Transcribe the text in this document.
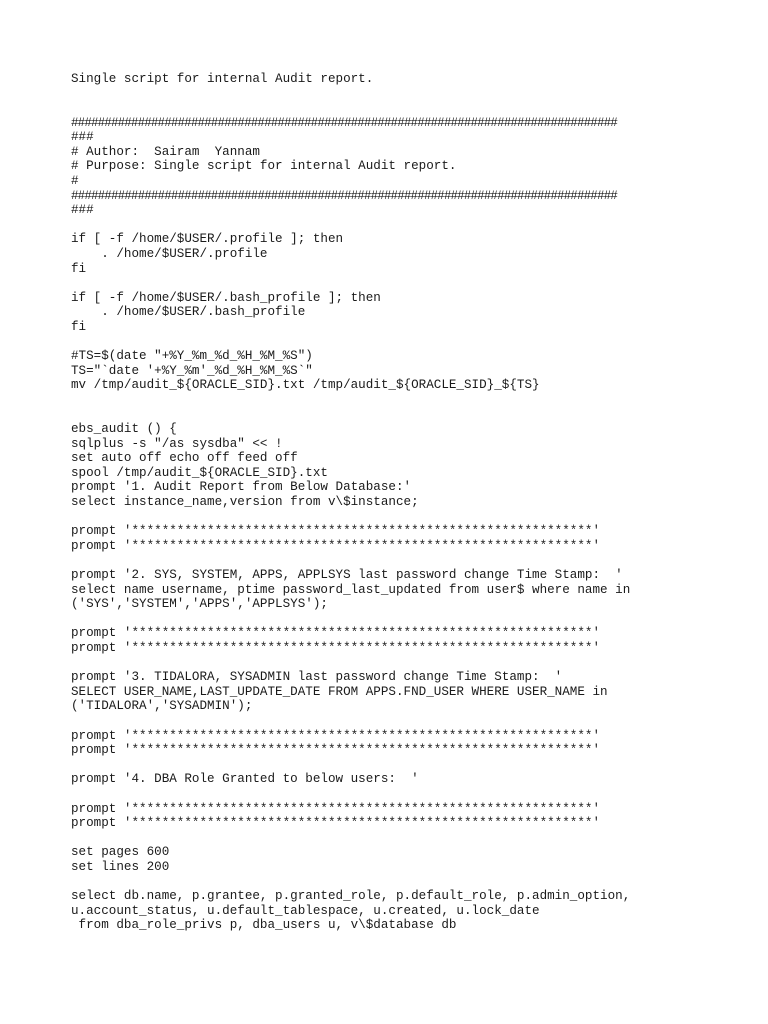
Single script for internal Audit report.
##################################################################################
###
# Author:  Sairam  Yannam
# Purpose: Single script for internal Audit report.
#
##################################################################################
###
if [ -f /home/$USER/.profile ]; then
. /home/$USER/.profile
fi
if [ -f /home/$USER/.bash_profile ]; then
. /home/$USER/.bash_profile
fi
#TS=$(date "+%Y_%m_%d_%H_%M_%S")
TS="`date '+%Y_%m'_%d_%H_%M_%S`"
mv /tmp/audit_${ORACLE_SID}.txt /tmp/audit_${ORACLE_SID}_${TS}
ebs_audit () {
sqlplus -s "/as sysdba" << !
set auto off echo off feed off
spool /tmp/audit_${ORACLE_SID}.txt
prompt '1. Audit Report from Below Database:'
select instance_name,version from v\$instance;
prompt '*************************************************************'
prompt '*************************************************************'
prompt '2. SYS, SYSTEM, APPS, APPLSYS last password change Time Stamp:  '
select name username, ptime password_last_updated from user$ where name in
('SYS','SYSTEM','APPS','APPLSYS');
prompt '*************************************************************'
prompt '*************************************************************'
prompt '3. TIDALORA, SYSADMIN last password change Time Stamp:  '
SELECT USER_NAME,LAST_UPDATE_DATE FROM APPS.FND_USER WHERE USER_NAME in
('TIDALORA','SYSADMIN');
prompt '*************************************************************'
prompt '*************************************************************'
prompt '4. DBA Role Granted to below users:  '
prompt '*************************************************************'
prompt '*************************************************************'
set pages 600
set lines 200
select db.name, p.grantee, p.granted_role, p.default_role, p.admin_option,
u.account_status, u.default_tablespace, u.created, u.lock_date
from dba_role_privs p, dba_users u, v\$database db
